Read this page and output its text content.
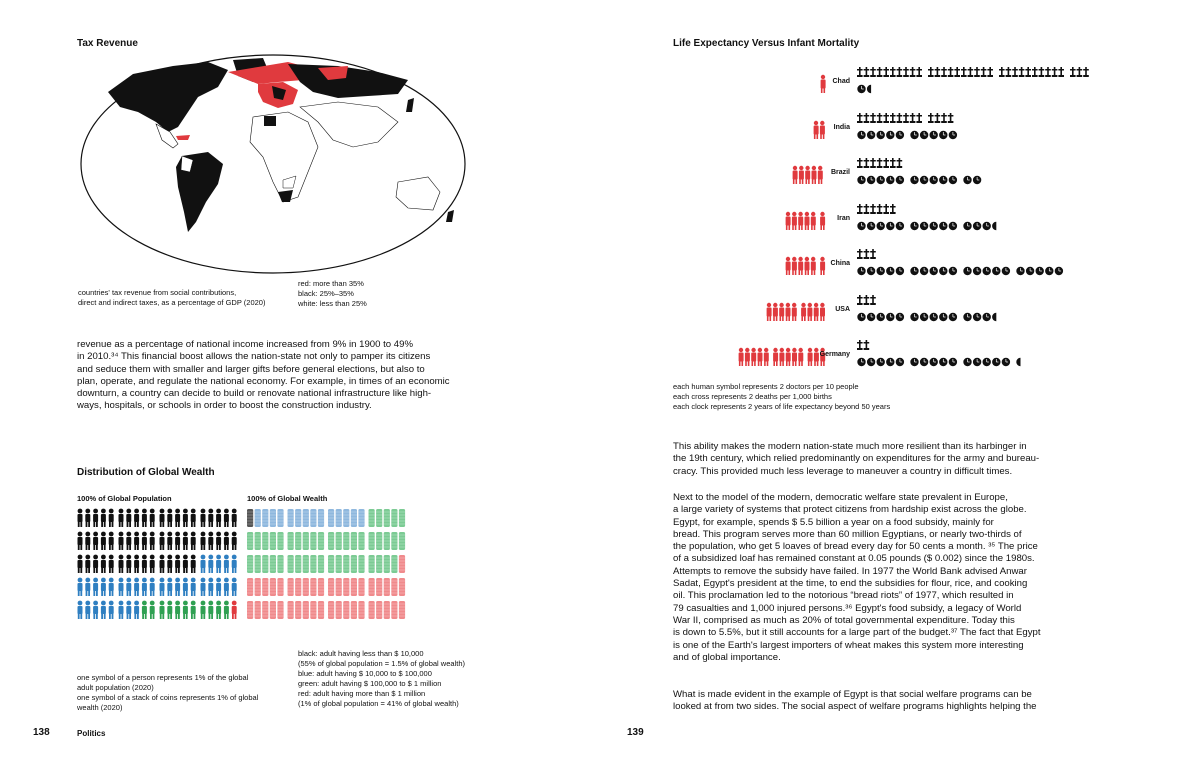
Tax Revenue
countries' tax revenue from social contributions,
direct and indirect taxes, as a percentage of GDP (2020)
red: more than 35%
black: 25%–35%
white: less than 25%
revenue as a percentage of national income increased from 9% in 1900 to 49%
in 2010.³⁴ This financial boost allows the nation-state not only to pamper its citizens
and seduce them with smaller and larger gifts before general elections, but also to
plan, operate, and regulate the national economy. For example, in times of an economic
downturn, a country can decide to build or renovate national infrastructure like high-
ways, hospitals, or schools in order to boost the construction industry.
Distribution of Global Wealth
100% of Global Population	100% of Global Wealth
one symbol of a person represents 1% of the global
adult population (2020)
one symbol of a stack of coins represents 1% of global
wealth (2020)
black: adult having less than $ 10,000
(55% of global population = 1.5% of global wealth)
blue: adult having $ 10,000 to $ 100,000
green: adult having $ 100,000 to $ 1 million
red: adult having more than $ 1 million
(1% of global population = 41% of global wealth)
138	Politics
Life Expectancy Versus Infant Mortality
Chad
India
Brazil
Iran
China
USA
Germany
each human symbol represents 2 doctors per 10 people
each cross represents 2 deaths per 1,000 births
each clock represents 2 years of life expectancy beyond 50 years
This ability makes the modern nation-state much more resilient than its harbinger in
the 19th century, which relied predominantly on expenditures for the army and bureau-
cracy. This provided much less leverage to maneuver a country in difficult times.
Next to the model of the modern, democratic welfare state prevalent in Europe,
a large variety of systems that protect citizens from hardship exist across the globe.
Egypt, for example, spends $ 5.5 billion a year on a food subsidy, mainly for
bread. This program serves more than 60 million Egyptians, or nearly two-thirds of
the population, who get 5 loaves of bread every day for 50 cents a month. ³⁵ The price
of a subsidized loaf has remained constant at 0.05 pounds ($ 0.002) since the 1980s.
Attempts to remove the subsidy have failed. In 1977 the World Bank advised Anwar
Sadat, Egypt's president at the time, to end the subsidies for flour, rice, and cooking
oil. This proclamation led to the notorious “bread riots” of 1977, which resulted in
79 casualties and 1,000 injured persons.³⁶ Egypt's food subsidy, a legacy of World
War II, comprised as much as 20% of total governmental expenditure. Today this
is down to 5.5%, but it still accounts for a large part of the budget.³⁷ The fact that Egypt
is one of the Earth's largest importers of wheat makes this system more interesting
and of global importance.
What is made evident in the example of Egypt is that social welfare programs can be
looked at from two sides. The social aspect of welfare programs highlights helping the
139
